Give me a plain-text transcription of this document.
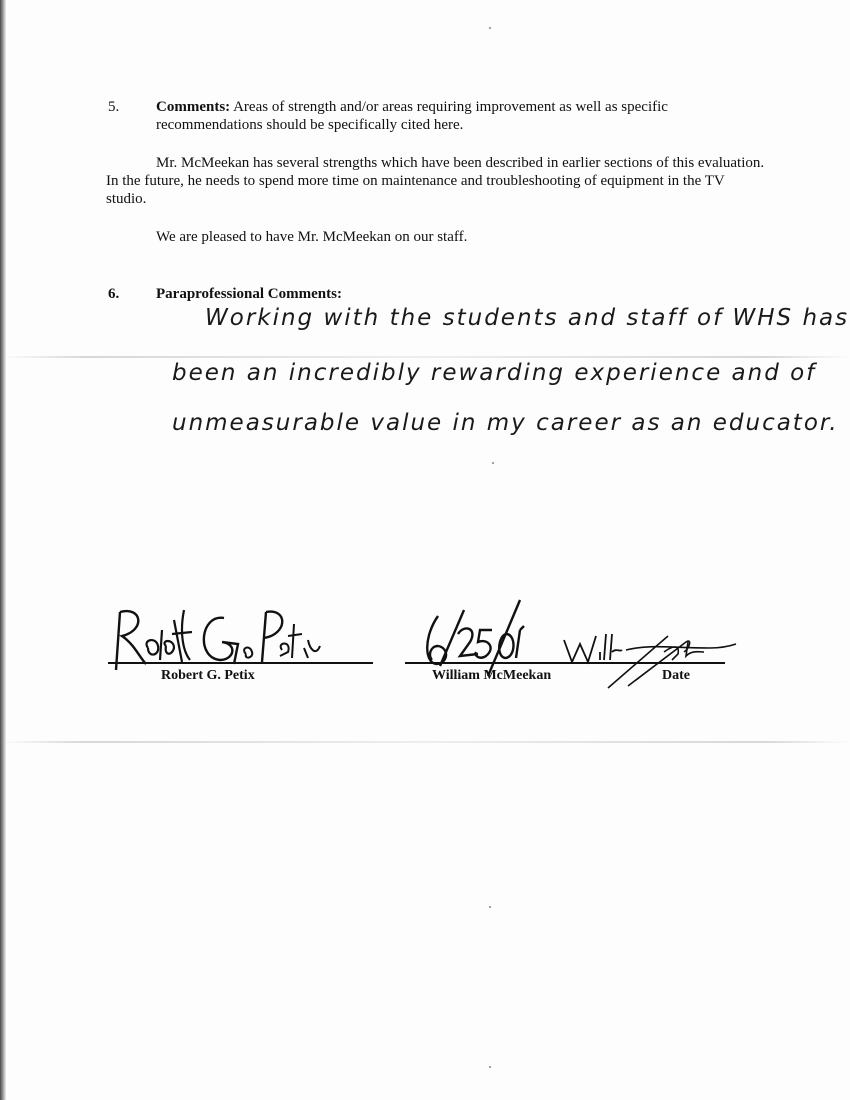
5. Comments: Areas of strength and/or areas requiring improvement as well as specific recommendations should be specifically cited here.
Mr. McMeekan has several strengths which have been described in earlier sections of this evaluation. In the future, he needs to spend more time on maintenance and troubleshooting of equipment in the TV studio.
We are pleased to have Mr. McMeekan on our staff.
6. Paraprofessional Comments:
Working with the students and staff of WHS has
been an incredibly rewarding experience and of
unmeasurable value in my career as an educator.
Robert G. Petix	William McMeekan	Date
